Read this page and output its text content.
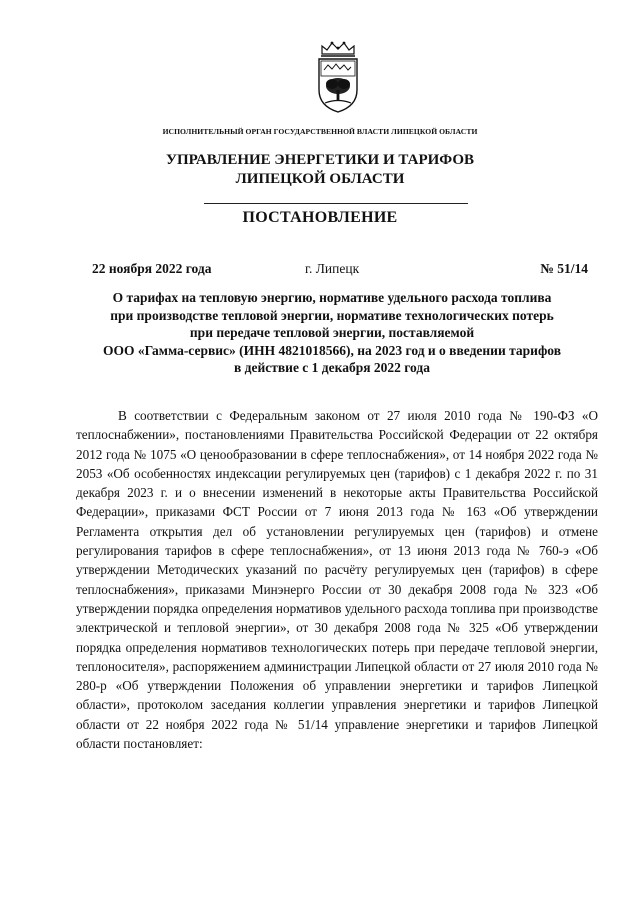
ИСПОЛНИТЕЛЬНЫЙ ОРГАН ГОСУДАРСТВЕННОЙ ВЛАСТИ ЛИПЕЦКОЙ ОБЛАСТИ
УПРАВЛЕНИЕ ЭНЕРГЕТИКИ И ТАРИФОВ
ЛИПЕЦКОЙ ОБЛАСТИ
ПОСТАНОВЛЕНИЕ
22 ноября 2022 года	г. Липецк	№ 51/14
О тарифах на тепловую энергию, нормативе удельного расхода топлива
при производстве тепловой энергии, нормативе технологических потерь
при передаче тепловой энергии, поставляемой
ООО «Гамма-сервис» (ИНН 4821018566), на 2023 год и о введении тарифов
в действие с 1 декабря 2022 года

В соответствии с Федеральным законом от 27 июля 2010 года № 190-ФЗ «О теплоснабжении», постановлениями Правительства Российской Федерации от 22 октября 2012 года № 1075 «О ценообразовании в сфере теплоснабжения», от 14 ноября 2022 года № 2053 «Об особенностях индексации регулируемых цен (тарифов) с 1 декабря 2022 г. по 31 декабря 2023 г. и о внесении изменений в некоторые акты Правительства Российской Федерации», приказами ФСТ России от 7 июня 2013 года № 163 «Об утверждении Регламента открытия дел об установлении регулируемых цен (тарифов) и отмене регулирования тарифов в сфере теплоснабжения», от 13 июня 2013 года № 760-э «Об утверждении Методических указаний по расчёту регулируемых цен (тарифов) в сфере теплоснабжения», приказами Минэнерго России от 30 декабря 2008 года № 323 «Об утверждении порядка определения нормативов удельного расхода топлива при производстве электрической и тепловой энергии», от 30 декабря 2008 года № 325 «Об утверждении порядка определения нормативов технологических потерь при передаче тепловой энергии, теплоносителя», распоряжением администрации Липецкой области от 27 июля 2010 года № 280-р «Об утверждении Положения об управлении энергетики и тарифов Липецкой области», протоколом заседания коллегии управления энергетики и тарифов Липецкой области от 22 ноября 2022 года № 51/14 управление энергетики и тарифов Липецкой области постановляет:
